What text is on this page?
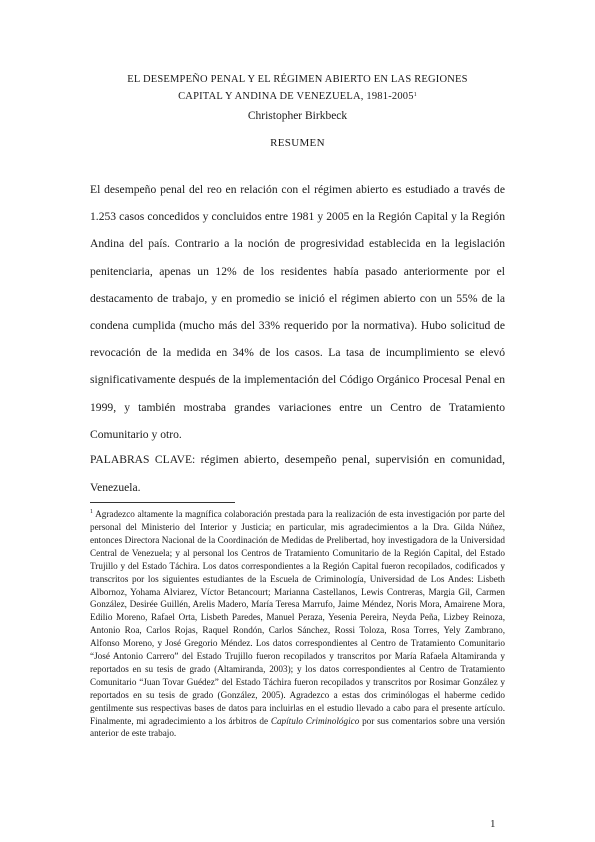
EL DESEMPEÑO PENAL Y EL RÉGIMEN ABIERTO EN LAS REGIONES
CAPITAL Y ANDINA DE VENEZUELA, 1981-2005$^1$
Christopher Birkbeck
RESUMEN

El desempeño penal del reo en relación con el régimen abierto es estudiado a través de 1.253 casos concedidos y concluidos entre 1981 y 2005 en la Región Capital y la Región Andina del país. Contrario a la noción de progresividad establecida en la legislación penitenciaria, apenas un 12% de los residentes había pasado anteriormente por el destacamento de trabajo, y en promedio se inició el régimen abierto con un 55% de la condena cumplida (mucho más del 33% requerido por la normativa). Hubo solicitud de revocación de la medida en 34% de los casos. La tasa de incumplimiento se elevó significativamente después de la implementación del Código Orgánico Procesal Penal en 1999, y también mostraba grandes variaciones entre un Centro de Tratamiento Comunitario y otro.

PALABRAS CLAVE: régimen abierto, desempeño penal, supervisión en comunidad, Venezuela.

$^1$ Agradezco altamente la magnífica colaboración prestada para la realización de esta investigación por parte del personal del Ministerio del Interior y Justicia; en particular, mis agradecimientos a la Dra. Gilda Núñez, entonces Directora Nacional de la Coordinación de Medidas de Prelibertad, hoy investigadora de la Universidad Central de Venezuela; y al personal los Centros de Tratamiento Comunitario de la Región Capital, del Estado Trujillo y del Estado Táchira. Los datos correspondientes a la Región Capital fueron recopilados, codificados y transcritos por los siguientes estudiantes de la Escuela de Criminología, Universidad de Los Andes: Lisbeth Albornoz, Yohama Alviarez, Víctor Betancourt; Marianna Castellanos, Lewis Contreras, Margia Gil, Carmen González, Desirée Guillén, Arelis Madero, María Teresa Marrufo, Jaime Méndez, Noris Mora, Amairene Mora, Edilio Moreno, Rafael Orta, Lisbeth Paredes, Manuel Peraza, Yesenia Pereira, Neyda Peña, Lizbey Reinoza, Antonio Roa, Carlos Rojas, Raquel Rondón, Carlos Sánchez, Rossi Toloza, Rosa Torres, Yely Zambrano, Alfonso Moreno, y José Gregorio Méndez. Los datos correspondientes al Centro de Tratamiento Comunitario “José Antonio Carrero” del Estado Trujillo fueron recopilados y transcritos por María Rafaela Altamiranda y reportados en su tesis de grado (Altamiranda, 2003); y los datos correspondientes al Centro de Tratamiento Comunitario “Juan Tovar Guédez” del Estado Táchira fueron recopilados y transcritos por Rosimar González y reportados en su tesis de grado (González, 2005). Agradezco a estas dos criminólogas el haberme cedido gentilmente sus respectivas bases de datos para incluirlas en el estudio llevado a cabo para el presente artículo. Finalmente, mi agradecimiento a los árbitros de Capítulo Criminológico por sus comentarios sobre una versión anterior de este trabajo.

1
